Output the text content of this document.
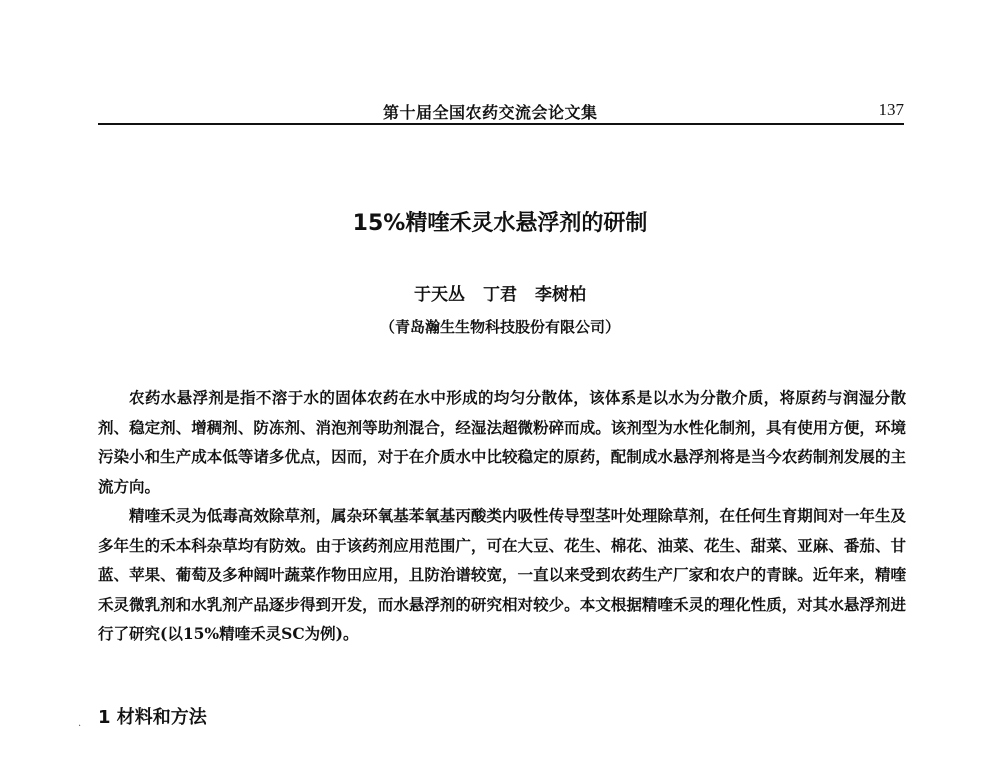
第十届全国农药交流会论文集	137
15%精喹禾灵水悬浮剂的研制
于天丛 丁君 李树柏
（青岛瀚生生物科技股份有限公司）

农药水悬浮剂是指不溶于水的固体农药在水中形成的均匀分散体，该体系是以水为分散介质，将原药与润湿分散剂、稳定剂、增稠剂、防冻剂、消泡剂等助剂混合，经湿法超微粉碎而成。该剂型为水性化制剂，具有使用方便，环境污染小和生产成本低等诸多优点，因而，对于在介质水中比较稳定的原药，配制成水悬浮剂将是当今农药制剂发展的主流方向。

精喹禾灵为低毒高效除草剂，属杂环氧基苯氧基丙酸类内吸性传导型茎叶处理除草剂，在任何生育期间对一年生及多年生的禾本科杂草均有防效。由于该药剂应用范围广，可在大豆、花生、棉花、油菜、花生、甜菜、亚麻、番茄、甘蓝、苹果、葡萄及多种阔叶蔬菜作物田应用，且防治谱较宽，一直以来受到农药生产厂家和农户的青睐。近年来，精喹禾灵微乳剂和水乳剂产品逐步得到开发，而水悬浮剂的研究相对较少。本文根据精喹禾灵的理化性质，对其水悬浮剂进行了研究(以15%精喹禾灵SC为例)。

1 材料和方法
.
